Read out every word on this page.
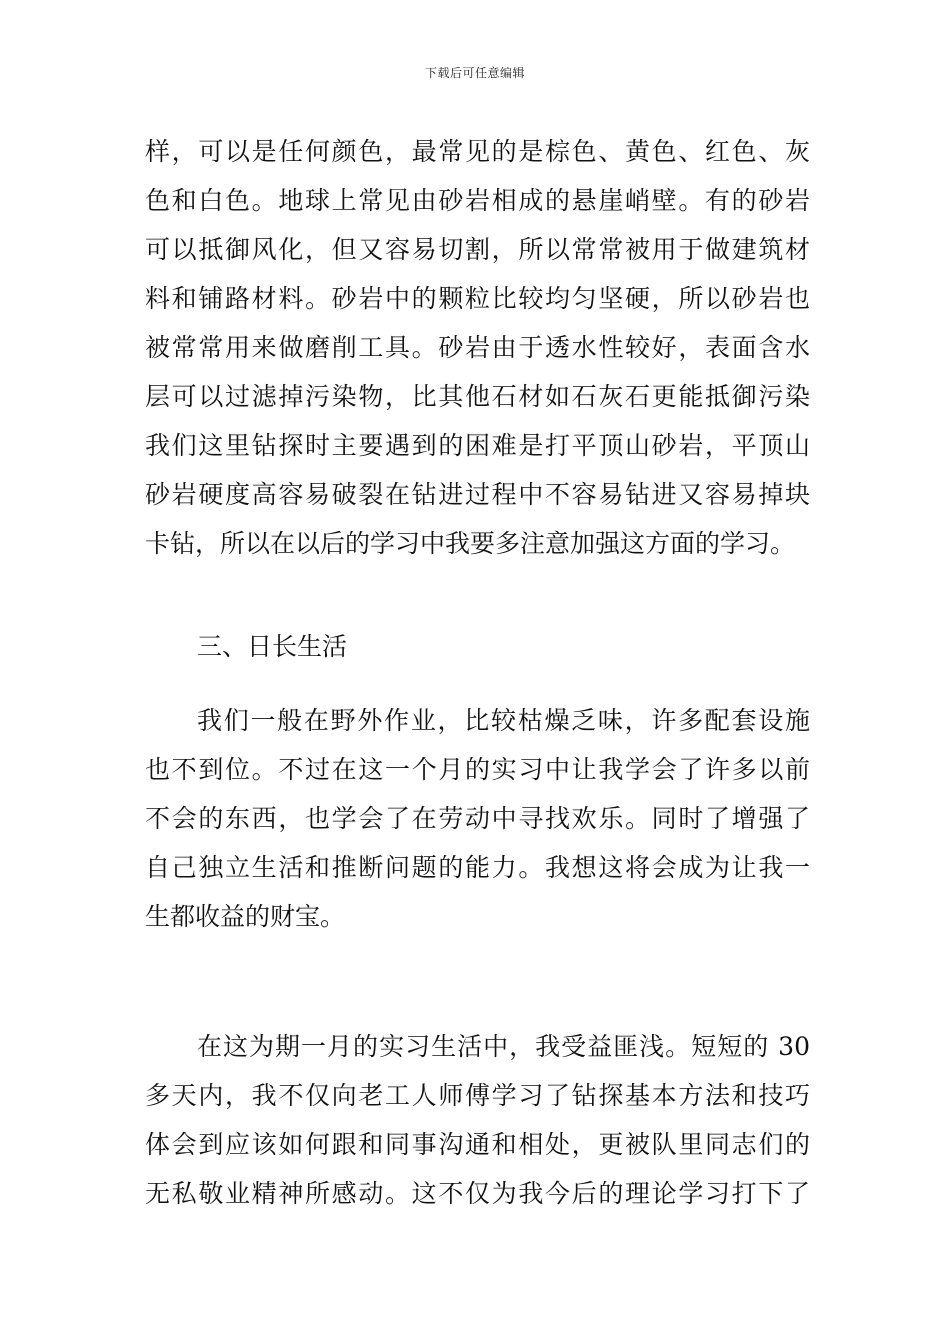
下载后可任意编辑
样，可以是任何颜色，最常见的是棕色、黄色、红色、灰
色和白色。地球上常见由砂岩相成的悬崖峭壁。有的砂岩
可以抵御风化，但又容易切割，所以常常被用于做建筑材
料和铺路材料。砂岩中的颗粒比较均匀坚硬，所以砂岩也
被常常用来做磨削工具。砂岩由于透水性较好，表面含水
层可以过滤掉污染物，比其他石材如石灰石更能抵御污染
我们这里钻探时主要遇到的困难是打平顶山砂岩，平顶山
砂岩硬度高容易破裂在钻进过程中不容易钻进又容易掉块
卡钻，所以在以后的学习中我要多注意加强这方面的学习。
三、日长生活
我们一般在野外作业，比较枯燥乏味，许多配套设施
也不到位。不过在这一个月的实习中让我学会了许多以前
不会的东西，也学会了在劳动中寻找欢乐。同时了增强了
自己独立生活和推断问题的能力。我想这将会成为让我一
生都收益的财宝。
在这为期一月的实习生活中，我受益匪浅。短短的 30
多天内，我不仅向老工人师傅学习了钻探基本方法和技巧
体会到应该如何跟和同事沟通和相处，更被队里同志们的
无私敬业精神所感动。这不仅为我今后的理论学习打下了
